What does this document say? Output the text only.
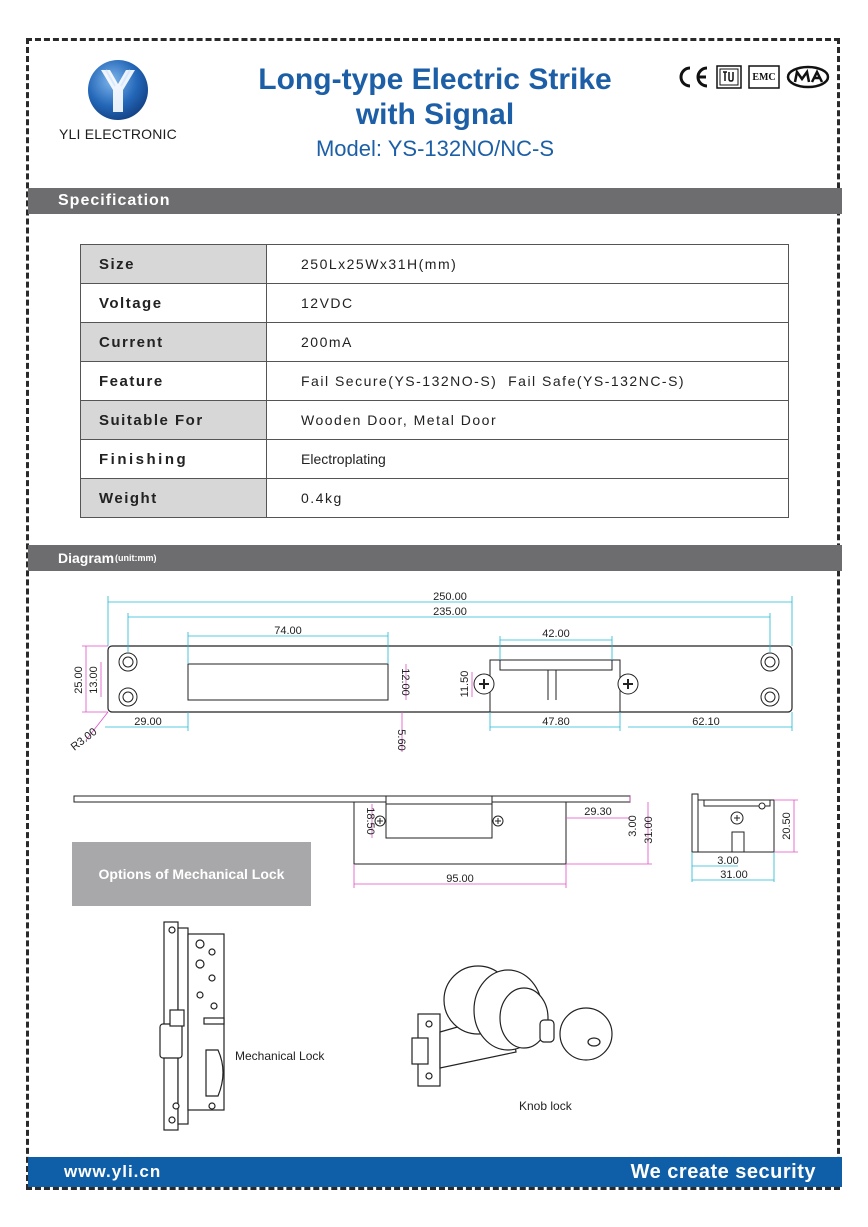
YLI ELECTRONIC
Long-type Electric Strike
with Signal
Model: YS-132NO/NC-S
EMC
Specification
Size	250Lx25Wx31H(mm)
Voltage	12VDC
Current	200mA
Feature	Fail Secure(YS-132NO-S)  Fail Safe(YS-132NC-S)
Suitable For	Wooden Door, Metal Door
Finishing	Electroplating
Weight	0.4kg
Diagram (unit:mm)
250.00
235.00
74.00	42.00
25.00 13.00	12.00	11.50
R3.00
29.00	47.80	62.10
5.60
18.50	29.30
3.00 31.00
95.00
3.00
31.00
20.50
Options of Mechanical Lock
Mechanical Lock
Knob lock
www.yli.cn	We create security
